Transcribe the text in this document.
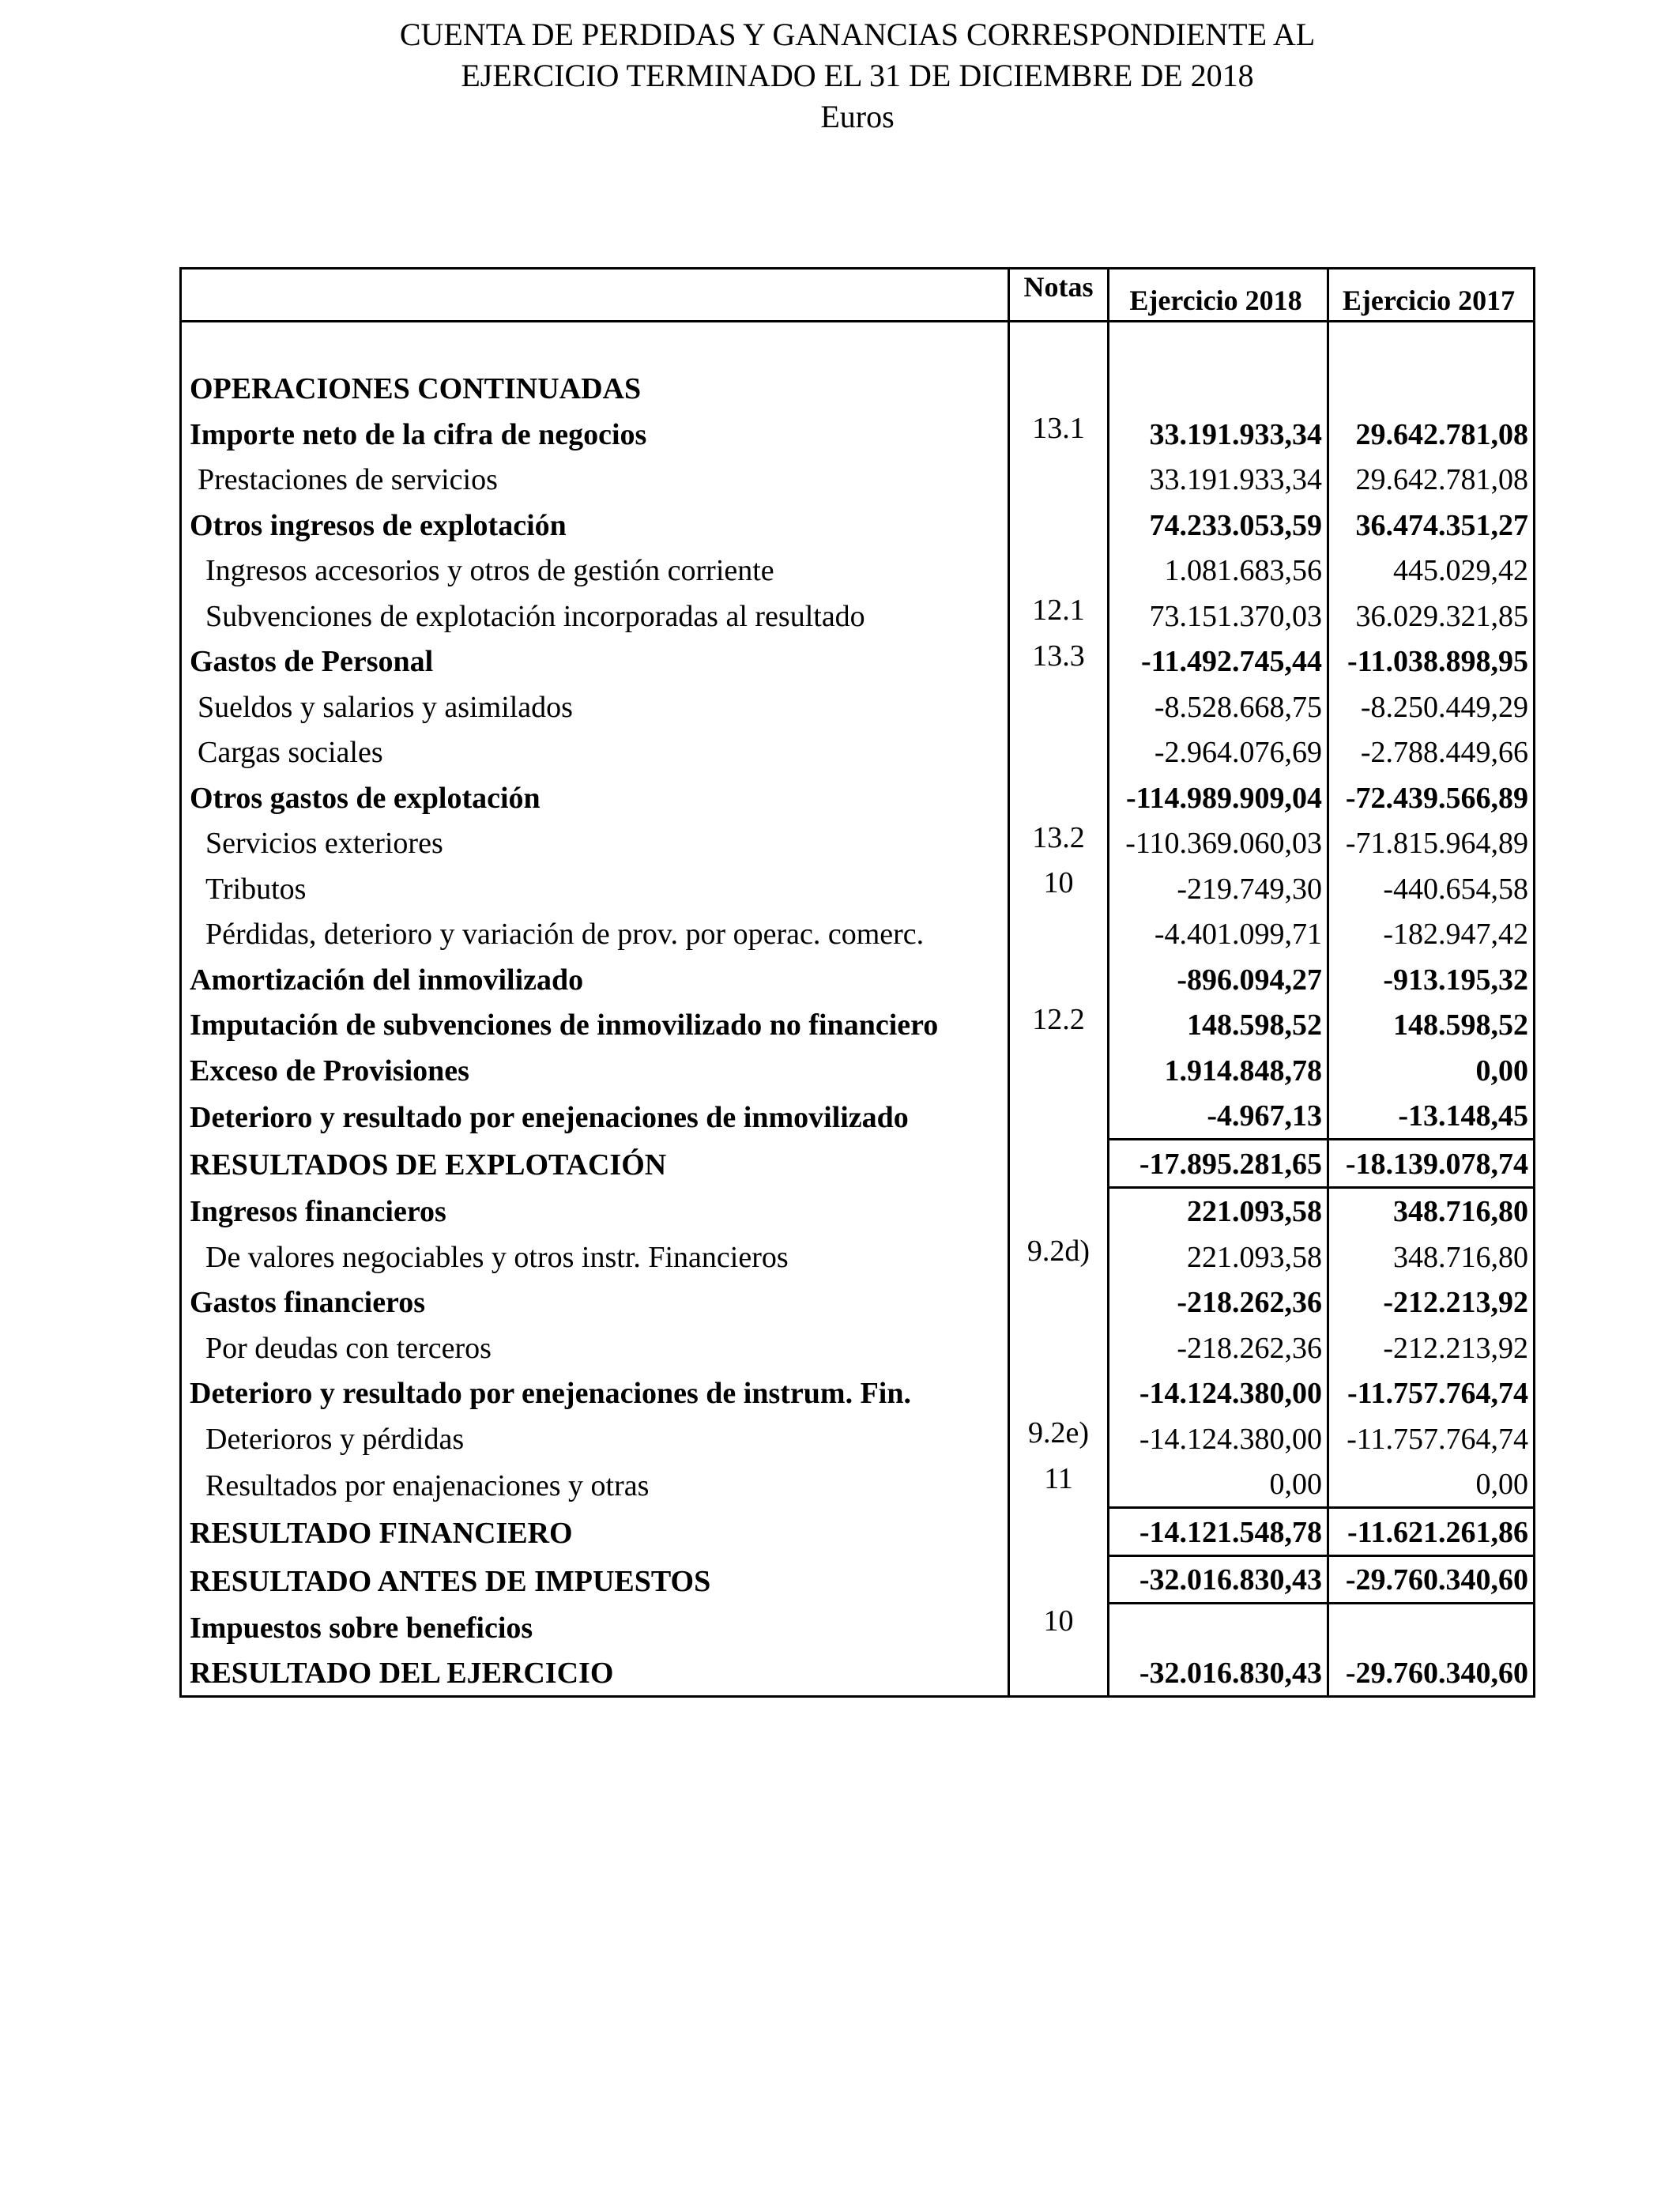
CUENTA DE PERDIDAS Y GANANCIAS CORRESPONDIENTE AL
EJERCICIO TERMINADO EL 31 DE DICIEMBRE DE 2018
Euros
	Notas	Ejercicio 2018	Ejercicio 2017

OPERACIONES CONTINUADAS			
Importe neto de la cifra de negocios	13.1	33.191.933,34	29.642.781,08
Prestaciones de servicios		33.191.933,34	29.642.781,08
Otros ingresos de explotación		74.233.053,59	36.474.351,27
Ingresos accesorios y otros de gestión corriente		1.081.683,56	445.029,42
Subvenciones de explotación incorporadas al resultado	12.1	73.151.370,03	36.029.321,85
Gastos de Personal	13.3	-11.492.745,44	-11.038.898,95
Sueldos y salarios y asimilados		-8.528.668,75	-8.250.449,29
Cargas sociales		-2.964.076,69	-2.788.449,66
Otros gastos de explotación		-114.989.909,04	-72.439.566,89
Servicios exteriores	13.2	-110.369.060,03	-71.815.964,89
Tributos	10	-219.749,30	-440.654,58
Pérdidas, deterioro y variación de prov. por operac. comerc.		-4.401.099,71	-182.947,42
Amortización del inmovilizado		-896.094,27	-913.195,32
Imputación de subvenciones de inmovilizado no financiero	12.2	148.598,52	148.598,52
Exceso de Provisiones		1.914.848,78	0,00
Deterioro y resultado por enejenaciones de inmovilizado		-4.967,13	-13.148,45
RESULTADOS DE EXPLOTACIÓN		-17.895.281,65	-18.139.078,74
Ingresos financieros		221.093,58	348.716,80
De valores negociables y otros instr. Financieros	9.2d)	221.093,58	348.716,80
Gastos financieros		-218.262,36	-212.213,92
Por deudas con terceros		-218.262,36	-212.213,92
Deterioro y resultado por enejenaciones de instrum. Fin.		-14.124.380,00	-11.757.764,74
Deterioros y pérdidas	9.2e)	-14.124.380,00	-11.757.764,74
Resultados por enajenaciones y otras	11	0,00	0,00
RESULTADO FINANCIERO		-14.121.548,78	-11.621.261,86
RESULTADO ANTES DE IMPUESTOS		-32.016.830,43	-29.760.340,60
Impuestos sobre beneficios	10		
RESULTADO DEL EJERCICIO		-32.016.830,43	-29.760.340,60
